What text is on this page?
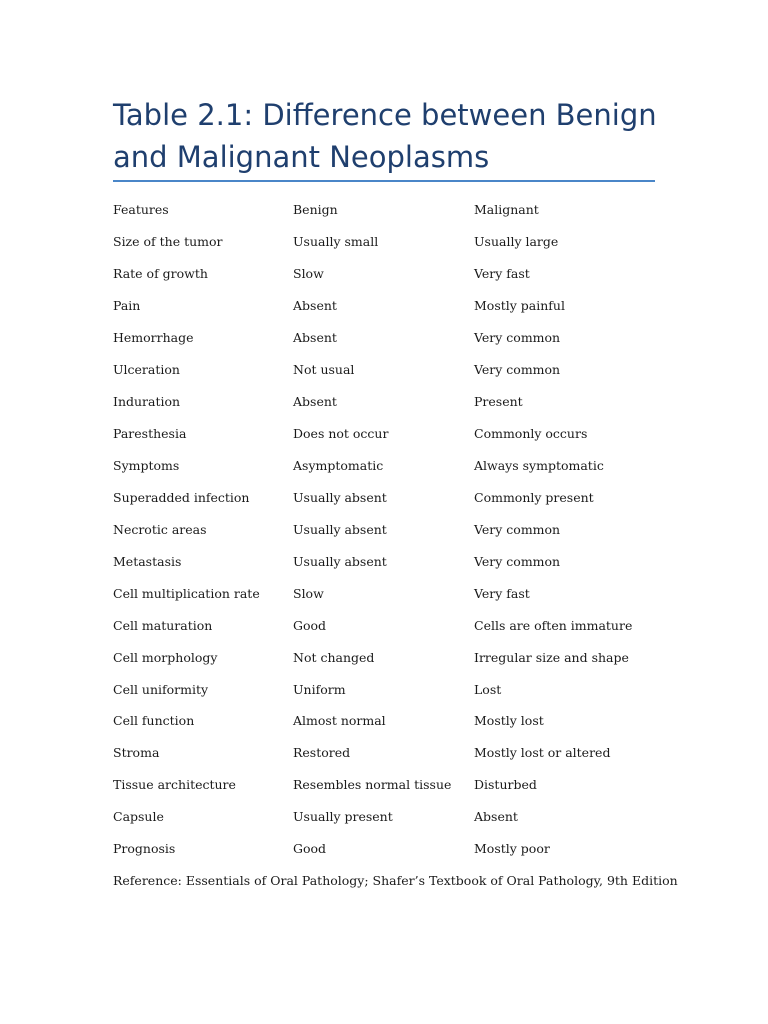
Table 2.1: Difference between Benign and Malignant Neoplasms
Features	Benign	Malignant
Size of the tumor	Usually small	Usually large
Rate of growth	Slow	Very fast
Pain	Absent	Mostly painful
Hemorrhage	Absent	Very common
Ulceration	Not usual	Very common
Induration	Absent	Present
Paresthesia	Does not occur	Commonly occurs
Symptoms	Asymptomatic	Always symptomatic
Superadded infection	Usually absent	Commonly present
Necrotic areas	Usually absent	Very common
Metastasis	Usually absent	Very common
Cell multiplication rate	Slow	Very fast
Cell maturation	Good	Cells are often immature
Cell morphology	Not changed	Irregular size and shape
Cell uniformity	Uniform	Lost
Cell function	Almost normal	Mostly lost
Stroma	Restored	Mostly lost or altered
Tissue architecture	Resembles normal tissue	Disturbed
Capsule	Usually present	Absent
Prognosis	Good	Mostly poor

Reference: Essentials of Oral Pathology; Shafer’s Textbook of Oral Pathology, 9th Edition
